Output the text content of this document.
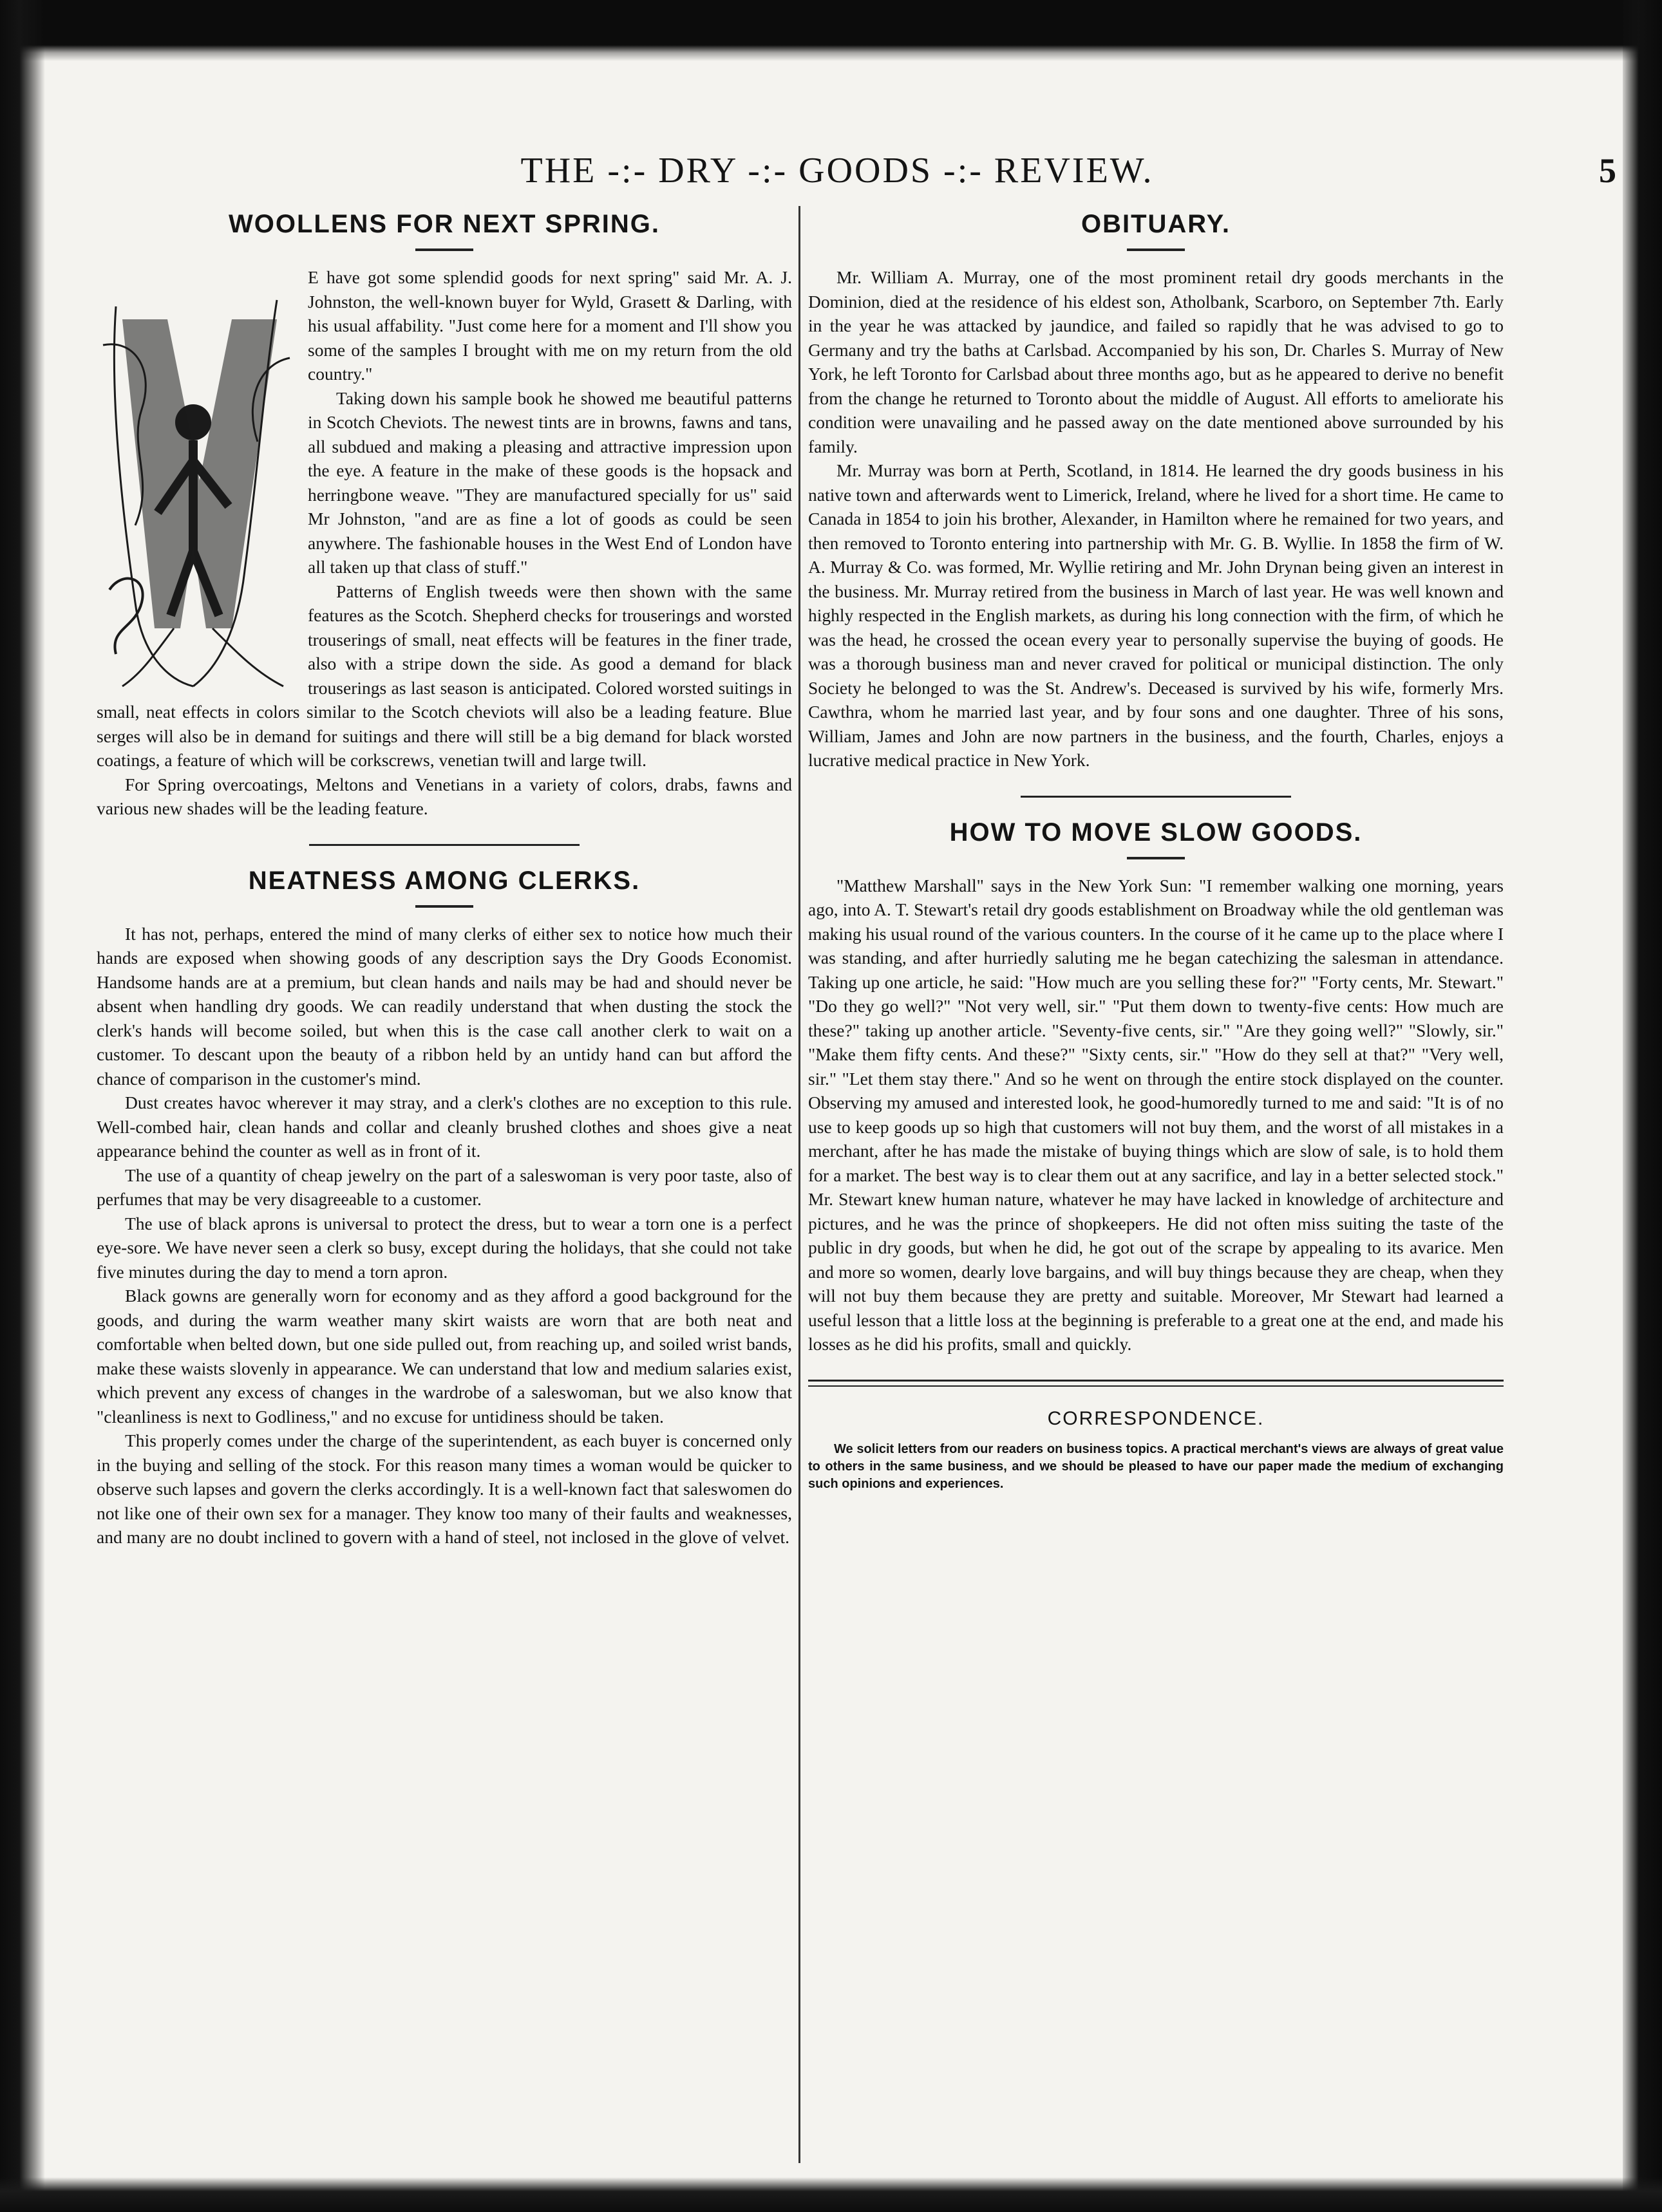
THE -:- DRY -:- GOODS -:- REVIEW.	5
WOOLLENS FOR NEXT SPRING.

E have got some splendid goods for next spring" said Mr. A. J. Johnston, the well-known buyer for Wyld, Grasett & Darling, with his usual affability. "Just come here for a moment and I'll show you some of the samples I brought with me on my return from the old country."

Taking down his sample book he showed me beautiful patterns in Scotch Cheviots. The newest tints are in browns, fawns and tans, all subdued and making a pleasing and attractive impression upon the eye. A feature in the make of these goods is the hopsack and herringbone weave. "They are manufactured specially for us" said Mr Johnston, "and are as fine a lot of goods as could be seen anywhere. The fashionable houses in the West End of London have all taken up that class of stuff."

Patterns of English tweeds were then shown with the same features as the Scotch. Shepherd checks for trouserings and worsted trouserings of small, neat effects will be features in the finer trade, also with a stripe down the side. As good a demand for black trouserings as last season is anticipated. Colored worsted suitings in small, neat effects in colors similar to the Scotch cheviots will also be a leading feature. Blue serges will also be in demand for suitings and there will still be a big demand for black worsted coatings, a feature of which will be corkscrews, venetian twill and large twill.

For Spring overcoatings, Meltons and Venetians in a variety of colors, drabs, fawns and various new shades will be the leading feature.

NEATNESS AMONG CLERKS.

It has not, perhaps, entered the mind of many clerks of either sex to notice how much their hands are exposed when showing goods of any description says the Dry Goods Economist. Handsome hands are at a premium, but clean hands and nails may be had and should never be absent when handling dry goods. We can readily understand that when dusting the stock the clerk's hands will become soiled, but when this is the case call another clerk to wait on a customer. To descant upon the beauty of a ribbon held by an untidy hand can but afford the chance of comparison in the customer's mind.

Dust creates havoc wherever it may stray, and a clerk's clothes are no exception to this rule. Well-combed hair, clean hands and collar and cleanly brushed clothes and shoes give a neat appearance behind the counter as well as in front of it.

The use of a quantity of cheap jewelry on the part of a saleswoman is very poor taste, also of perfumes that may be very disagreeable to a customer.

The use of black aprons is universal to protect the dress, but to wear a torn one is a perfect eye-sore. We have never seen a clerk so busy, except during the holidays, that she could not take five minutes during the day to mend a torn apron.

Black gowns are generally worn for economy and as they afford a good background for the goods, and during the warm weather many skirt waists are worn that are both neat and comfortable when belted down, but one side pulled out, from reaching up, and soiled wrist bands, make these waists slovenly in appearance. We can understand that low and medium salaries exist, which prevent any excess of changes in the wardrobe of a saleswoman, but we also know that "cleanliness is next to Godliness," and no excuse for untidiness should be taken.

This properly comes under the charge of the superintendent, as each buyer is concerned only in the buying and selling of the stock. For this reason many times a woman would be quicker to observe such lapses and govern the clerks accordingly. It is a well-known fact that saleswomen do not like one of their own sex for a manager. They know too many of their faults and weaknesses, and many are no doubt inclined to govern with a hand of steel, not inclosed in the glove of velvet.

OBITUARY.

Mr. William A. Murray, one of the most prominent retail dry goods merchants in the Dominion, died at the residence of his eldest son, Atholbank, Scarboro, on September 7th. Early in the year he was attacked by jaundice, and failed so rapidly that he was advised to go to Germany and try the baths at Carlsbad. Accompanied by his son, Dr. Charles S. Murray of New York, he left Toronto for Carlsbad about three months ago, but as he appeared to derive no benefit from the change he returned to Toronto about the middle of August. All efforts to ameliorate his condition were unavailing and he passed away on the date mentioned above surrounded by his family.

Mr. Murray was born at Perth, Scotland, in 1814. He learned the dry goods business in his native town and afterwards went to Limerick, Ireland, where he lived for a short time. He came to Canada in 1854 to join his brother, Alexander, in Hamilton where he remained for two years, and then removed to Toronto entering into partnership with Mr. G. B. Wyllie. In 1858 the firm of W. A. Murray & Co. was formed, Mr. Wyllie retiring and Mr. John Drynan being given an interest in the business. Mr. Murray retired from the business in March of last year. He was well known and highly respected in the English markets, as during his long connection with the firm, of which he was the head, he crossed the ocean every year to personally supervise the buying of goods. He was a thorough business man and never craved for political or municipal distinction. The only Society he belonged to was the St. Andrew's. Deceased is survived by his wife, formerly Mrs. Cawthra, whom he married last year, and by four sons and one daughter. Three of his sons, William, James and John are now partners in the business, and the fourth, Charles, enjoys a lucrative medical practice in New York.

HOW TO MOVE SLOW GOODS.

"Matthew Marshall" says in the New York Sun: "I remember walking one morning, years ago, into A. T. Stewart's retail dry goods establishment on Broadway while the old gentleman was making his usual round of the various counters. In the course of it he came up to the place where I was standing, and after hurriedly saluting me he began catechizing the salesman in attendance. Taking up one article, he said: "How much are you selling these for?" "Forty cents, Mr. Stewart." "Do they go well?" "Not very well, sir." "Put them down to twenty-five cents: How much are these?" taking up another article. "Seventy-five cents, sir." "Are they going well?" "Slowly, sir." "Make them fifty cents. And these?" "Sixty cents, sir." "How do they sell at that?" "Very well, sir." "Let them stay there." And so he went on through the entire stock displayed on the counter. Observing my amused and interested look, he good-humoredly turned to me and said: "It is of no use to keep goods up so high that customers will not buy them, and the worst of all mistakes in a merchant, after he has made the mistake of buying things which are slow of sale, is to hold them for a market. The best way is to clear them out at any sacrifice, and lay in a better selected stock." Mr. Stewart knew human nature, whatever he may have lacked in knowledge of architecture and pictures, and he was the prince of shopkeepers. He did not often miss suiting the taste of the public in dry goods, but when he did, he got out of the scrape by appealing to its avarice. Men and more so women, dearly love bargains, and will buy things because they are cheap, when they will not buy them because they are pretty and suitable. Moreover, Mr Stewart had learned a useful lesson that a little loss at the beginning is preferable to a great one at the end, and made his losses as he did his profits, small and quickly.

CORRESPONDENCE.

We solicit letters from our readers on business topics. A practical merchant's views are always of great value to others in the same business, and we should be pleased to have our paper made the medium of exchanging such opinions and experiences.
